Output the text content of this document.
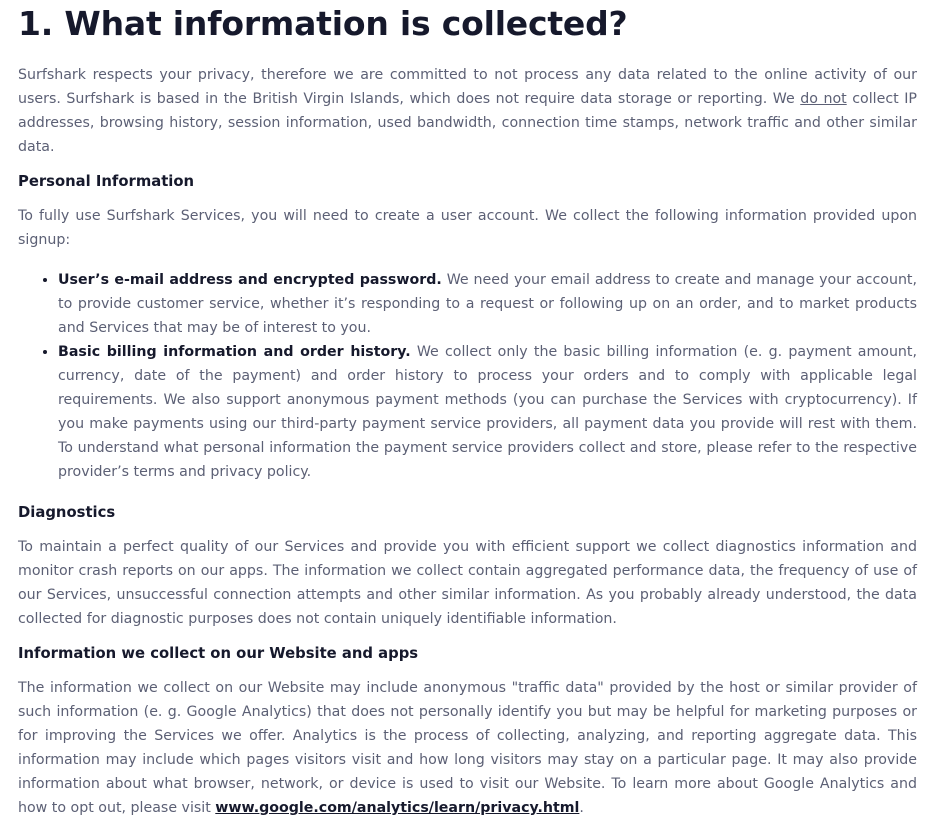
1. What information is collected?

Surfshark respects your privacy, therefore we are committed to not process any data related to the online activity of our users. Surfshark is based in the British Virgin Islands, which does not require data storage or reporting. We do not collect IP addresses, browsing history, session information, used bandwidth, connection time stamps, network traffic and other similar data.

Personal Information

To fully use Surfshark Services, you will need to create a user account. We collect the following information provided upon signup:

• User’s e-mail address and encrypted password. We need your email address to create and manage your account, to provide customer service, whether it’s responding to a request or following up on an order, and to market products and Services that may be of interest to you.
• Basic billing information and order history. We collect only the basic billing information (e. g. payment amount, currency, date of the payment) and order history to process your orders and to comply with applicable legal requirements. We also support anonymous payment methods (you can purchase the Services with cryptocurrency). If you make payments using our third-party payment service providers, all payment data you provide will rest with them. To understand what personal information the payment service providers collect and store, please refer to the respective provider’s terms and privacy policy.
Diagnostics

To maintain a perfect quality of our Services and provide you with efficient support we collect diagnostics information and monitor crash reports on our apps. The information we collect contain aggregated performance data, the frequency of use of our Services, unsuccessful connection attempts and other similar information. As you probably already understood, the data collected for diagnostic purposes does not contain uniquely identifiable information.

Information we collect on our Website and apps

The information we collect on our Website may include anonymous "traffic data" provided by the host or similar provider of such information (e. g. Google Analytics) that does not personally identify you but may be helpful for marketing purposes or for improving the Services we offer. Analytics is the process of collecting, analyzing, and reporting aggregate data. This information may include which pages visitors visit and how long visitors may stay on a particular page. It may also provide information about what browser, network, or device is used to visit our Website. To learn more about Google Analytics and how to opt out, please visit www.google.com/analytics/learn/privacy.html.
